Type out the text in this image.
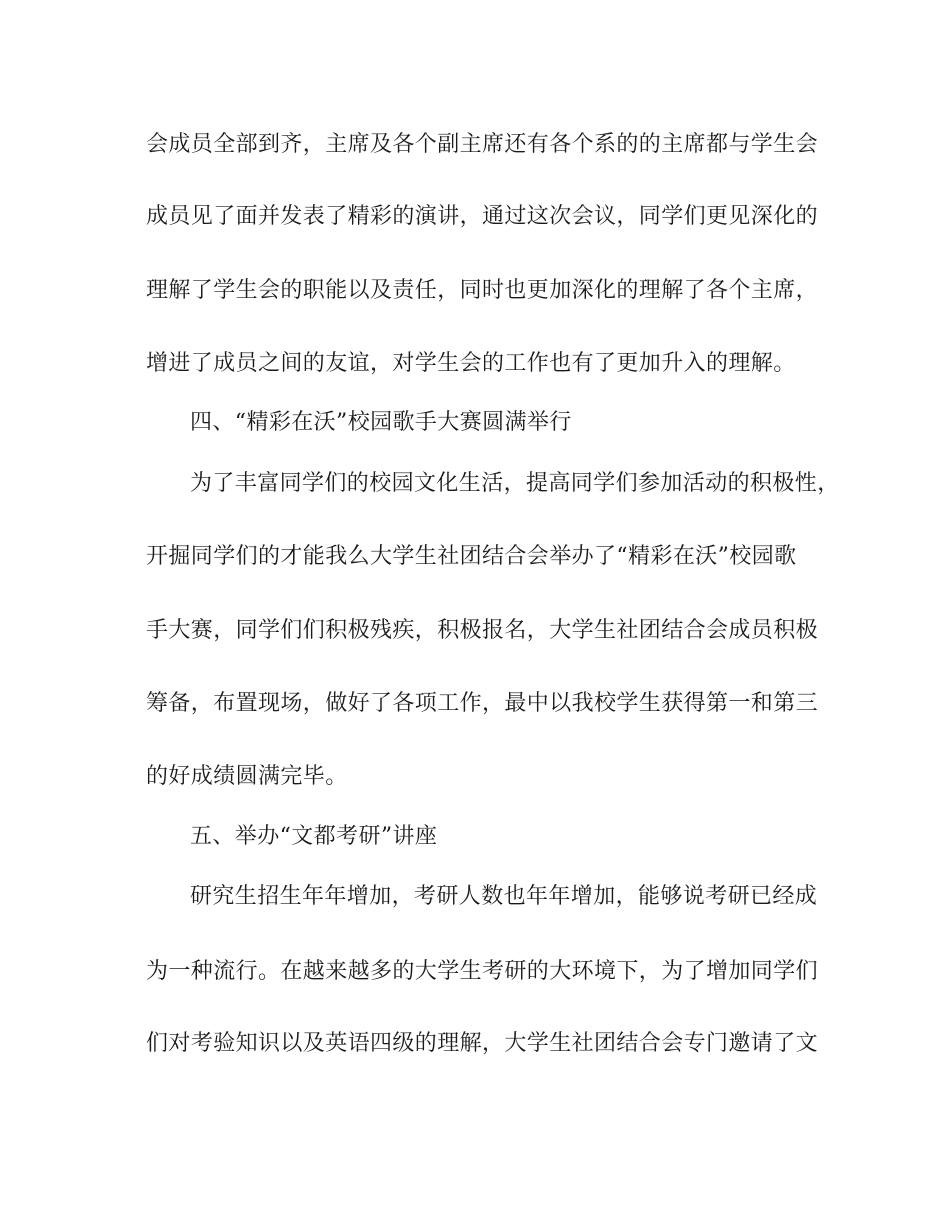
会成员全部到齐，主席及各个副主席还有各个系的的主席都与学生会
成员见了面并发表了精彩的演讲，通过这次会议，同学们更见深化的
理解了学生会的职能以及责任，同时也更加深化的理解了各个主席，
增进了成员之间的友谊，对学生会的工作也有了更加升入的理解。
四、“精彩在沃”校园歌手大赛圆满举行
为了丰富同学们的校园文化生活，提高同学们参加活动的积极性，
开掘同学们的才能我么大学生社团结合会举办了“精彩在沃”校园歌
手大赛，同学们们积极残疾，积极报名，大学生社团结合会成员积极
筹备，布置现场，做好了各项工作，最中以我校学生获得第一和第三
的好成绩圆满完毕。
五、举办“文都考研”讲座
研究生招生年年增加，考研人数也年年增加，能够说考研已经成
为一种流行。在越来越多的大学生考研的大环境下，为了增加同学们
们对考验知识以及英语四级的理解，大学生社团结合会专门邀请了文
